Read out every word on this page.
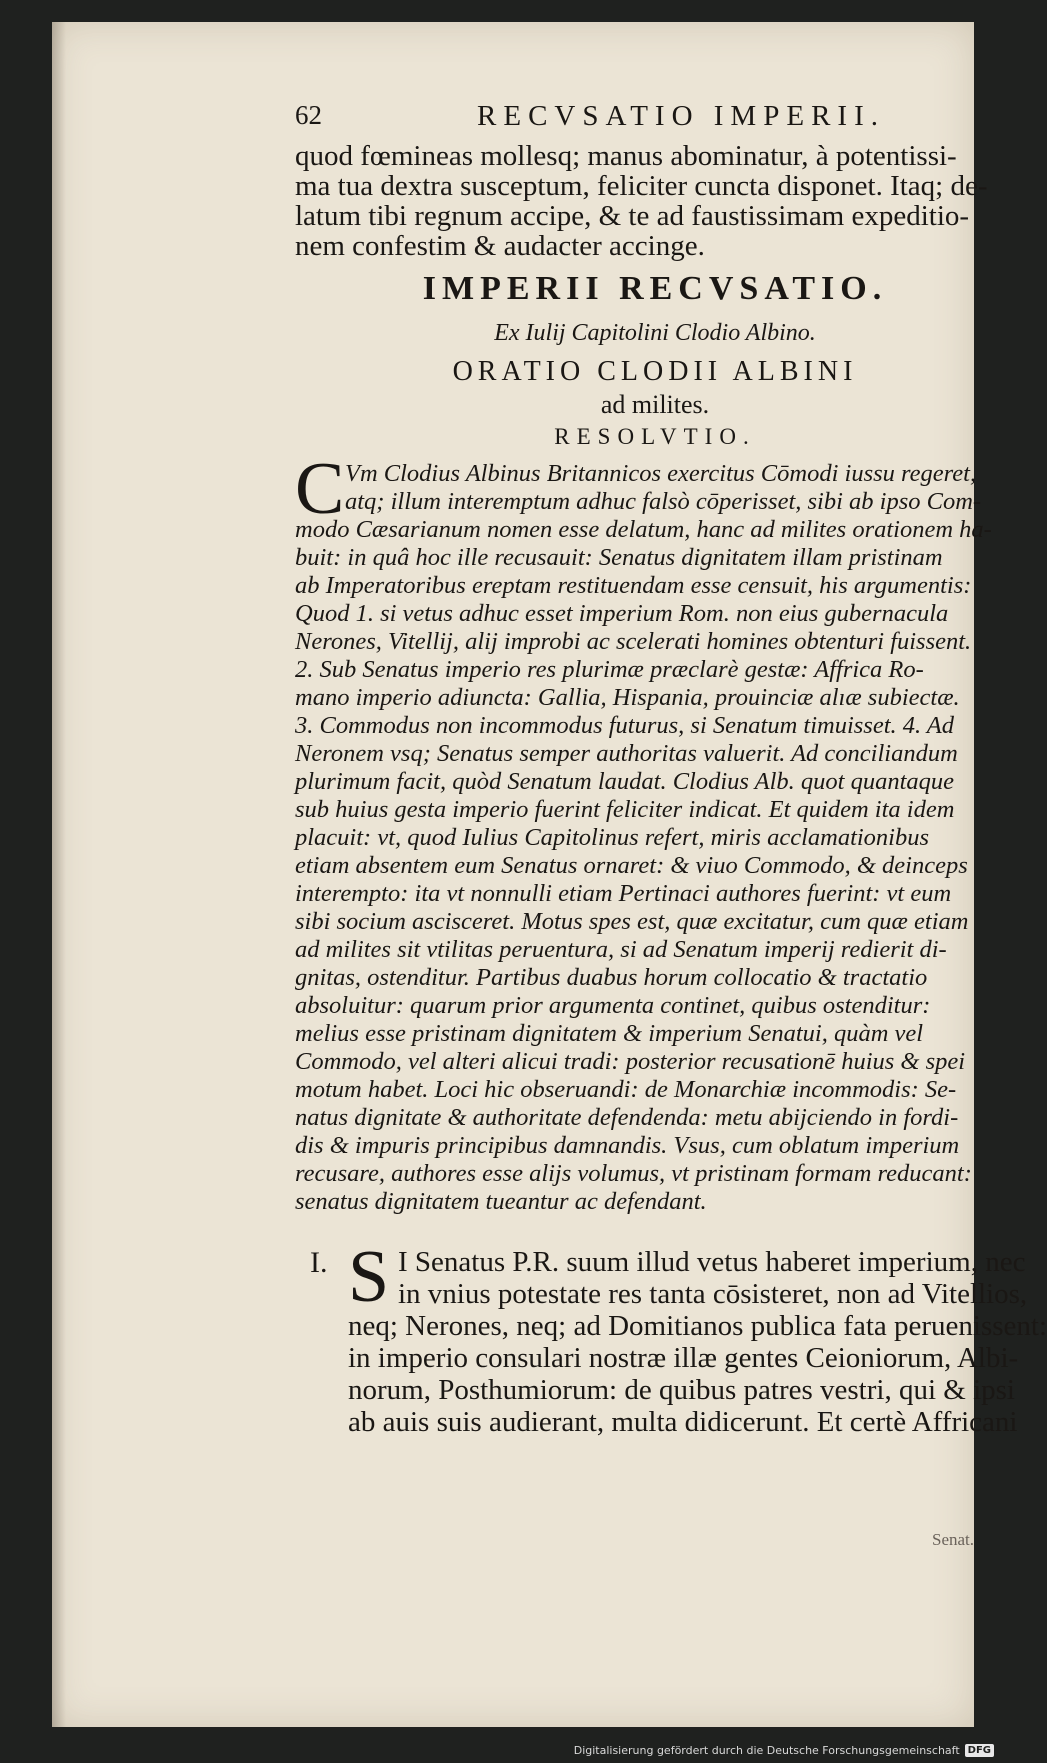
62	RECVSATIO IMPERII.
quod fœmineas mollesq; manus abominatur, à potentissi-
ma tua dextra susceptum, feliciter cuncta disponet. Itaq; de-
latum tibi regnum accipe, & te ad faustissimam expeditio-
nem confestim & audacter accinge.
IMPERII RECVSATIO.
Ex Iulij Capitolini Clodio Albino.
ORATIO CLODII ALBINI
ad milites.
RESOLVTIO.
C Vm Clodius Albinus Britannicos exercitus Cōmodi iussu regeret,
atq; illum interemptum adhuc falsò cōperisset, sibi ab ipso Com-
modo Cæsarianum nomen esse delatum, hanc ad milites orationem ha-
buit: in quâ hoc ille recusauit: Senatus dignitatem illam pristinam
ab Imperatoribus ereptam restituendam esse censuit, his argumentis:
Quod 1. si vetus adhuc esset imperium Rom. non eius gubernacula
Nerones, Vitellij, alij improbi ac scelerati homines obtenturi fuissent.
2. Sub Senatus imperio res plurimæ præclarè gestæ: Affrica Ro-
mano imperio adiuncta: Gallia, Hispania, prouinciæ alıæ subiectæ.
3. Commodus non incommodus futurus, si Senatum timuisset. 4. Ad
Neronem vsq; Senatus semper authoritas valuerit. Ad conciliandum
plurimum facit, quòd Senatum laudat. Clodius Alb. quot quantaque
sub huius gesta imperio fuerint feliciter indicat. Et quidem ita idem
placuit: vt, quod Iulius Capitolinus refert, miris acclamationibus
etiam absentem eum Senatus ornaret: & viuo Commodo, & deinceps
interempto: ita vt nonnulli etiam Pertinaci authores fuerint: vt eum
sibi socium ascisceret. Motus spes est, quæ excitatur, cum quæ etiam
ad milites sit vtilitas peruentura, si ad Senatum imperij redierit di-
gnitas, ostenditur. Partibus duabus horum collocatio & tractatio
absoluitur: quarum prior argumenta continet, quibus ostenditur:
melius esse pristinam dignitatem & imperium Senatui, quàm vel
Commodo, vel alteri alicui tradi: posterior recusationē huius & spei
motum habet. Loci hic obseruandi: de Monarchiæ incommodis: Se-
natus dignitate & authoritate defendenda: metu abijciendo in fordi-
dis & impuris principibus damnandis. Vsus, cum oblatum imperium
recusare, authores esse alijs volumus, vt pristinam formam reducant:
senatus dignitatem tueantur ac defendant.
I. S I Senatus P.R. suum illud vetus haberet imperium, nec
in vnius potestate res tanta cōsisteret, non ad Vitellios,
neq; Nerones, neq; ad Domitianos publica fata peruenissent:
in imperio consulari nostræ illæ gentes Ceioniorum, Albi-
norum, Posthumiorum: de quibus patres vestri, qui & ipsi
ab auis suis audierant, multa didicerunt. Et certè Affricani
Senat.
Digitalisierung gefördert durch die Deutsche Forschungsgemeinschaft DFG
